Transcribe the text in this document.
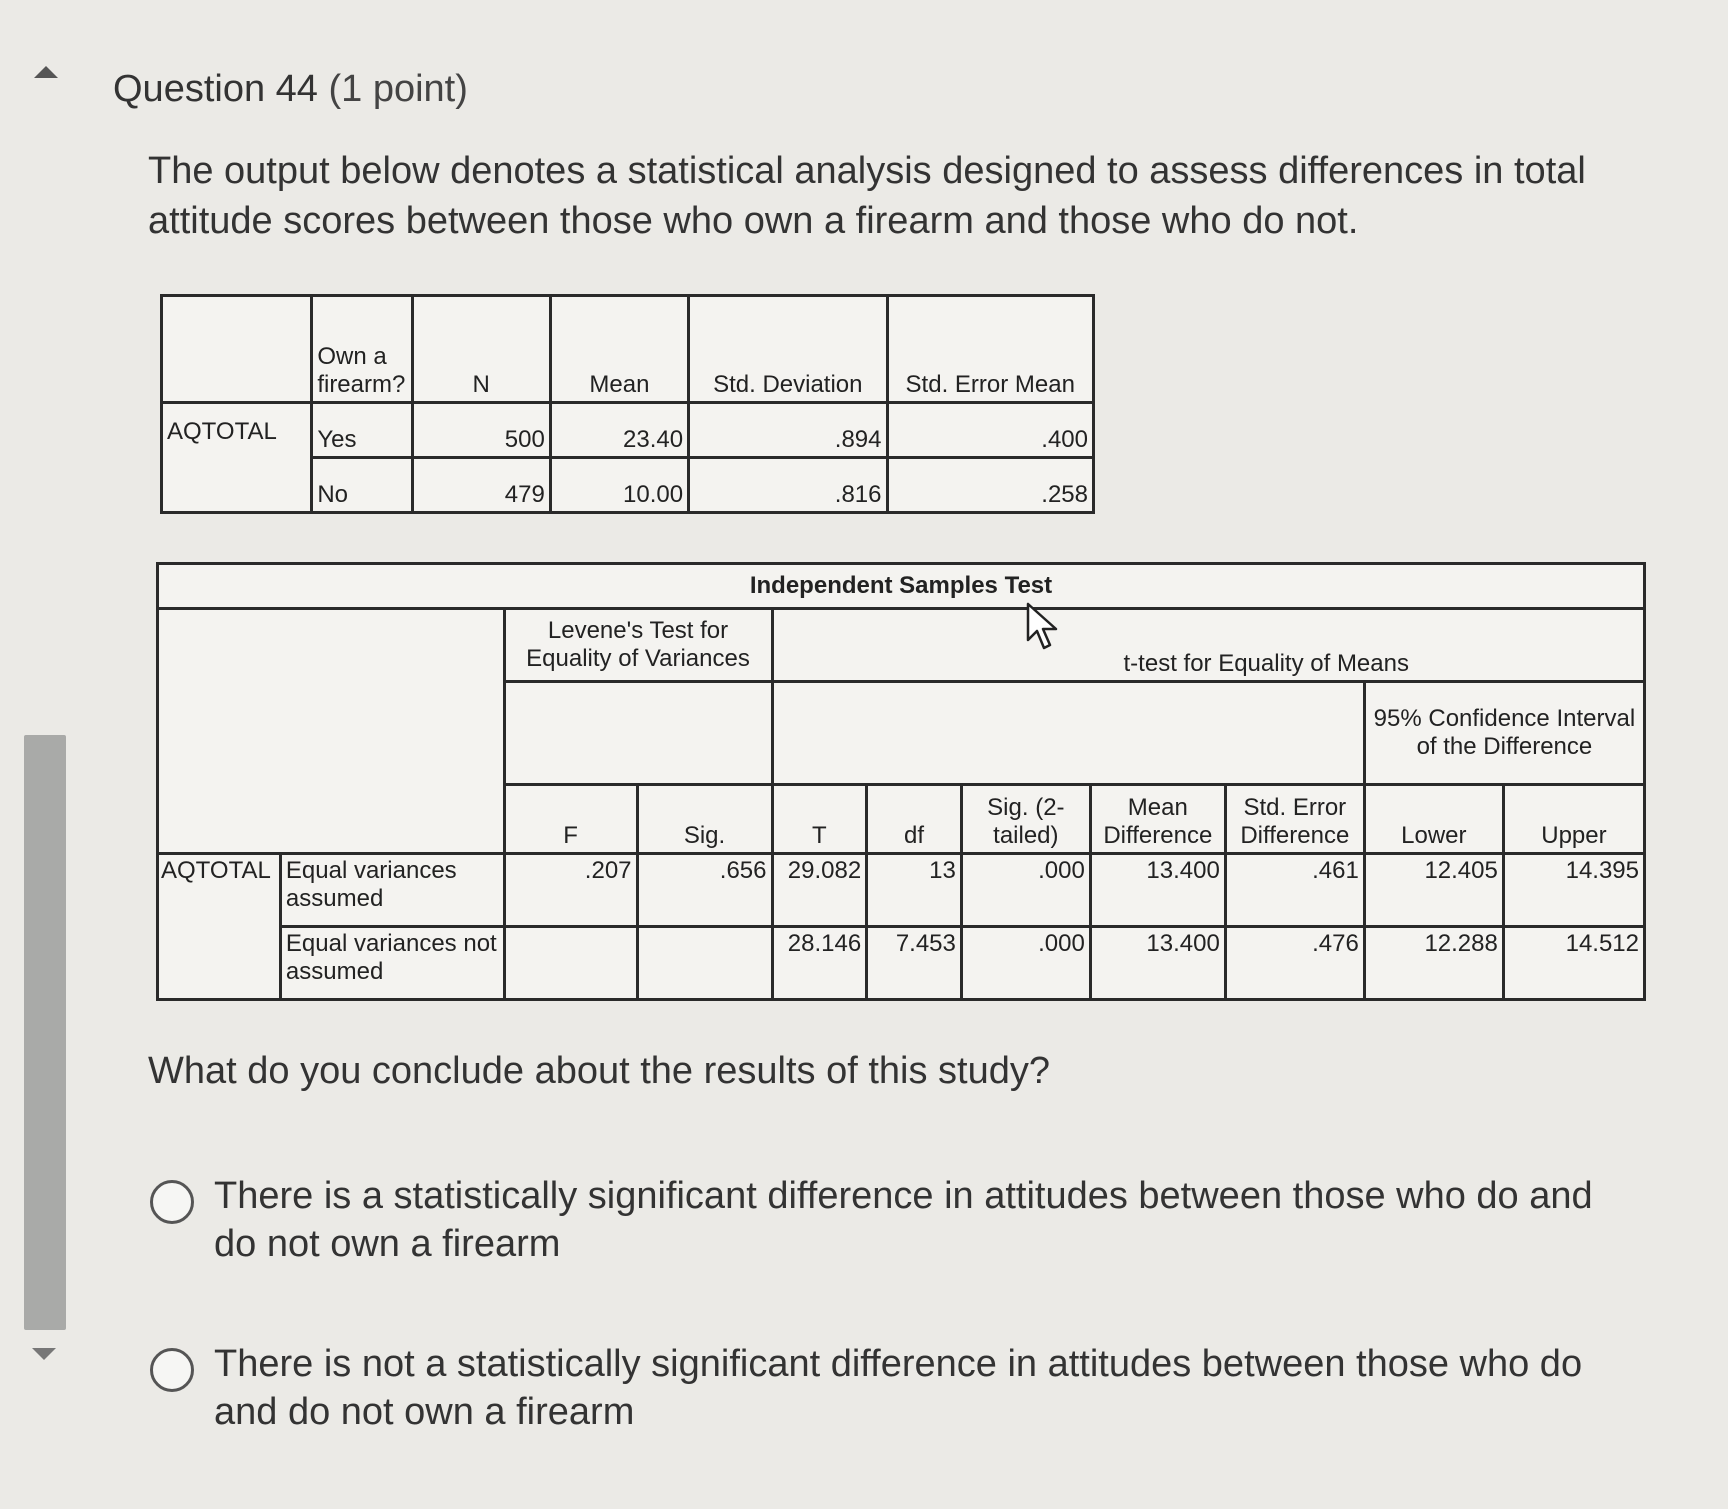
Question 44 (1 point)
The output below denotes a statistical analysis designed to assess differences in total attitude scores between those who own a firearm and those who do not.
	Own a firearm?	N	Mean	Std. Deviation	Std. Error Mean
AQTOTAL	Yes	500	23.40	.894	.400
	No	479	10.00	.816	.258
Independent Samples Test										
		Levene's Test for Equality of Variances		t-test for Equality of Means						
									95% Confidence Interval of the Difference	
		F	Sig.	T	df	Sig. (2-tailed)	Mean Difference	Std. Error Difference	Lower	Upper
AQTOTAL	Equal variances assumed	.207	.656	29.082	13	.000	13.400	.461	12.405	14.395
	Equal variances not assumed			28.146	7.453	.000	13.400	.476	12.288	14.512
What do you conclude about the results of this study?
There is a statistically significant difference in attitudes between those who do and do not own a firearm
There is not a statistically significant difference in attitudes between those who do and do not own a firearm
